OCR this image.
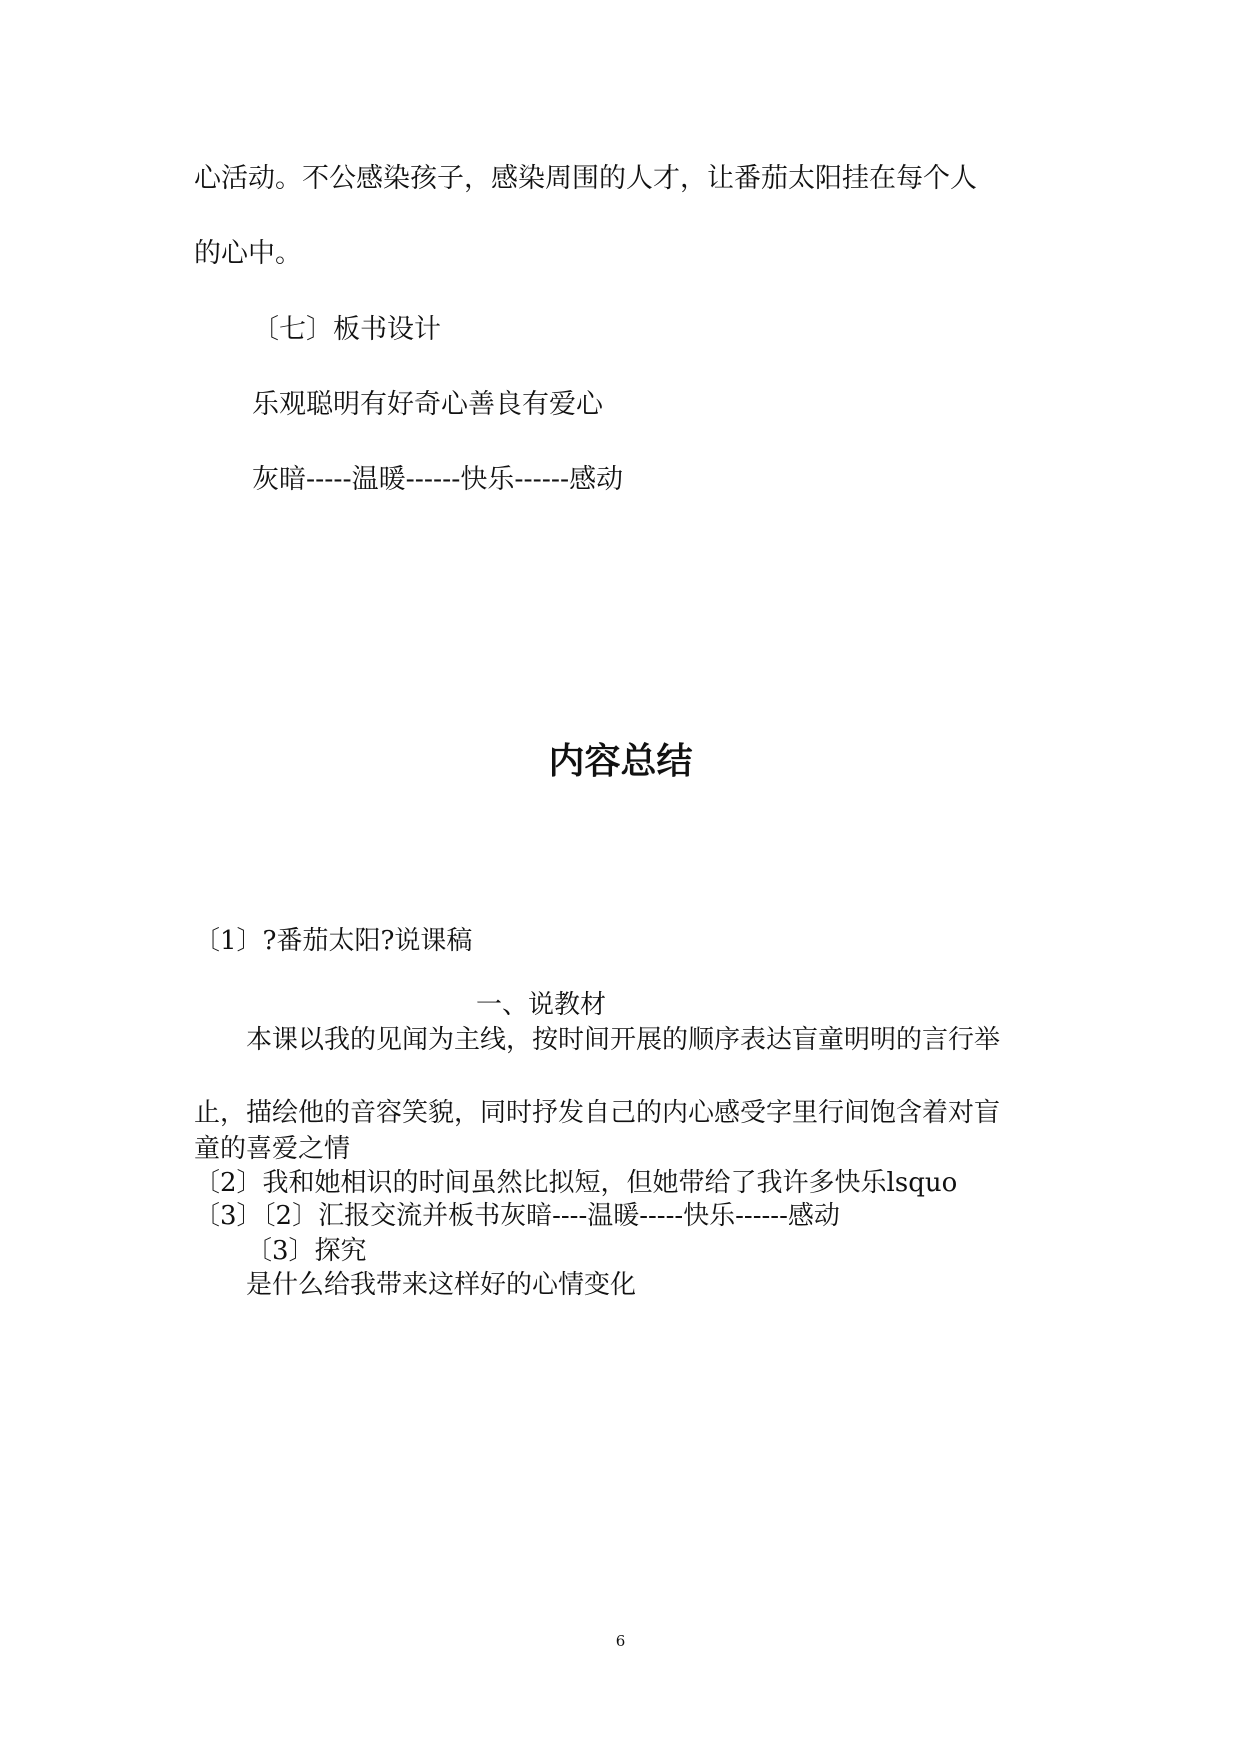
心活动。不公感染孩子，感染周围的人才，让番茄太阳挂在每个人
的心中。
〔七〕板书设计
乐观聪明有好奇心善良有爱心
灰暗-----温暖------快乐------感动
内容总结
〔1〕?番茄太阳?说课稿
一、说教材
本课以我的见闻为主线，按时间开展的顺序表达盲童明明的言行举
止，描绘他的音容笑貌，同时抒发自己的内心感受字里行间饱含着对盲
童的喜爱之情
〔2〕我和她相识的时间虽然比拟短，但她带给了我许多快乐lsquo
〔3〕〔2〕汇报交流并板书灰暗----温暖-----快乐------感动
〔3〕探究
是什么给我带来这样好的心情变化
6
